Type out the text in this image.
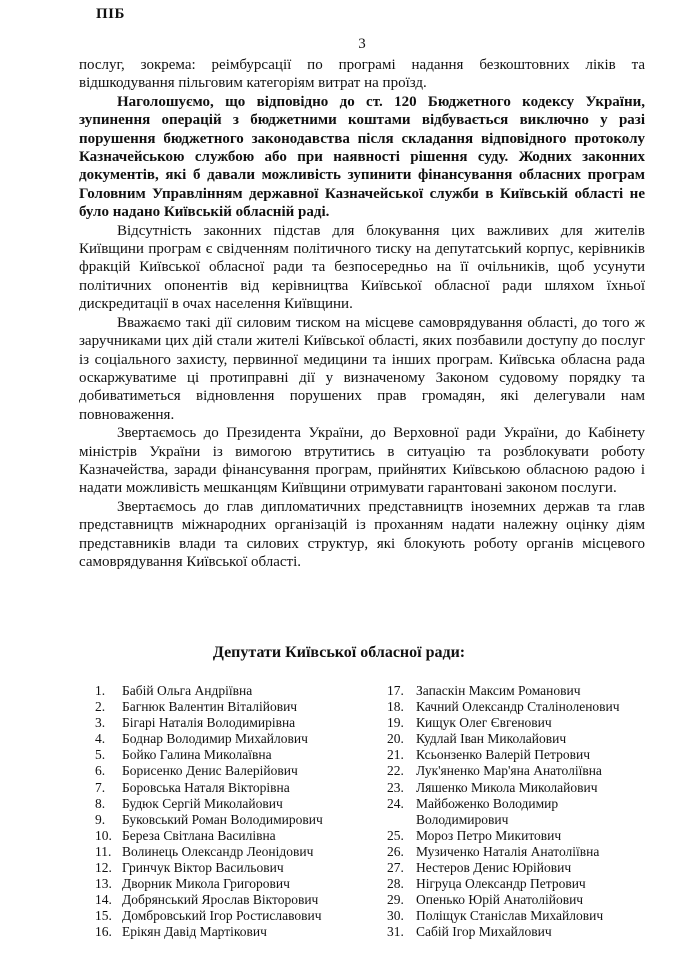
ПІБ
3

послуг, зокрема: реімбурсації по програмі надання безкоштовних ліків та відшкодування пільговим категоріям витрат на проїзд.

Наголошуємо, що відповідно до ст. 120 Бюджетного кодексу України, зупинення операцій з бюджетними коштами відбувається виключно у разі порушення бюджетного законодавства після складання відповідного протоколу Казначейською службою або при наявності рішення суду. Жодних законних документів, які б давали можливість зупинити фінансування обласних програм Головним Управлінням державної Казначейської служби в Київській області не було надано Київській обласній раді.

Відсутність законних підстав для блокування цих важливих для жителів Київщини програм є свідченням політичного тиску на депутатський корпус, керівників фракцій Київської обласної ради та безпосередньо на її очільників, щоб усунути політичних опонентів від керівництва Київської обласної ради шляхом їхньої дискредитації в очах населення Київщини.

Вважаємо такі дії силовим тиском на місцеве самоврядування області, до того ж заручниками цих дій стали жителі Київської області, яких позбавили доступу до послуг із соціального захисту, первинної медицини та інших програм. Київська обласна рада оскаржуватиме ці протиправні дії у визначеному Законом судовому порядку та добиватиметься відновлення порушених прав громадян, які делегували нам повноваження.

Звертаємось до Президента України, до Верховної ради України, до Кабінету міністрів України із вимогою втрутитись в ситуацію та розблокувати роботу Казначейства, заради фінансування програм, прийнятих Київською обласною радою і надати можливість мешканцям Київщини отримувати гарантовані законом послуги.

Звертаємось до глав дипломатичних представництв іноземних держав та глав представництв міжнародних організацій із проханням надати належну оцінку діям представників влади та силових структур, які блокують роботу органів місцевого самоврядування Київської області.

Депутати Київської обласної ради:
1.	Бабій Ольга Андріївна
2.	Багнюк Валентин Віталійович
3.	Бігарі Наталія Володимирівна
4.	Боднар Володимир Михайлович
5.	Бойко Галина Миколаївна
6.	Борисенко Денис Валерійович
7.	Боровська Наталя Вікторівна
8.	Будюк Сергій Миколайович
9.	Буковський Роман Володимирович
10. Береза Світлана Василівна
11. Волинець Олександр Леонідович
12. Гринчук Віктор Васильович
13. Дворник Микола Григорович
14. Добрянський Ярослав Вікторович
15. Домбровський Ігор Ростиславович
16. Ерікян Давід Мартікович
17. Запаскін Максим Романович
18. Качний Олександр Сталіноленович
19. Кищук Олег Євгенович
20. Кудлай Іван Миколайович
21. Ксьонзенко Валерій Петрович
22. Лук'яненко Мар'яна Анатоліївна
23. Ляшенко Микола Миколайович
24. Майбоженко Володимир Володимирович
25. Мороз Петро Микитович
26. Музиченко Наталія Анатоліївна
27. Нестеров Денис Юрійович
28. Нігруца Олександр Петрович
29. Опенько Юрій Анатолійович
30. Поліщук Станіслав Михайлович
31. Сабій Ігор Михайлович
